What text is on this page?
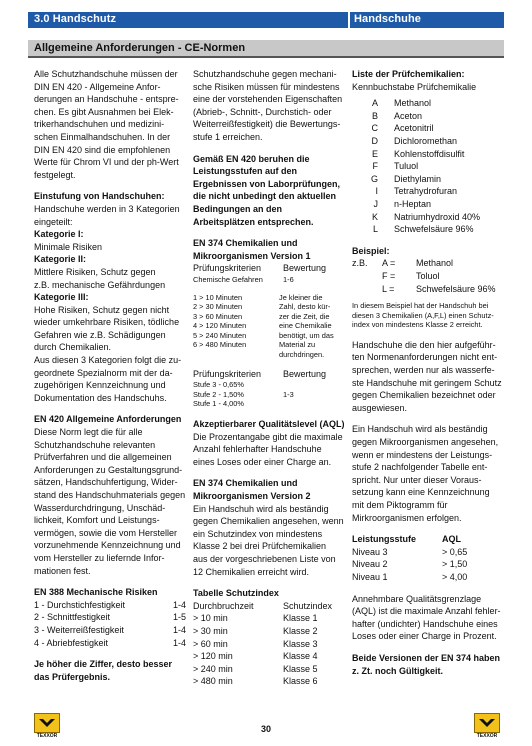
3.0 Handschutz	Handschuhe
Allgemeine Anforderungen - CE-Normen
Alle Schutzhandschuhe müssen der
DIN EN 420 - Allgemeine Anfor-
derungen an Handschuhe - entspre-
chen. Es gibt Ausnahmen bei Elek-
trikerhandschuhen und medizini-
schen Einmalhandschuhen. In der
DIN EN 420 sind die empfohlenen
Werte für Chrom VI und der ph-Wert
festgelegt.
Einstufung von Handschuhen:
Handschuhe werden in 3 Kategorien
eingeteilt:
Kategorie I:
Minimale Risiken
Kategorie II:
Mittlere Risiken, Schutz gegen
z.B. mechanische Gefährdungen
Kategorie III:
Hohe Risiken, Schutz gegen nicht
wieder umkehrbare Risiken, tödliche
Gefahren wie z.B. Schädigungen
durch Chemikalien.
Aus diesen 3 Kategorien folgt die zu-
geordnete Spezialnorm mit der da-
zugehörigen Kennzeichnung und
Dokumentation des Handschuhs.
EN 420 Allgemeine Anforderungen
Diese Norm legt die für alle
Schutzhandschuhe relevanten
Prüfverfahren und die allgemeinen
Anforderungen zu Gestaltungsgrund-
sätzen, Handschuhfertigung, Wider-
stand des Handschuhmaterials gegen
Wasserdurchdringung, Unschäd-
lichkeit, Komfort und Leistungs-
vermögen, sowie die vom Hersteller
vorzunehmende Kennzeichnung und
vom Hersteller zu liefernde Infor-
mationen fest.
EN 388 Mechanische Risiken
1 - Durchstichfestigkeit	1-4
2 - Schnittfestigkeit	1-5
3 - Weiterreißfestigkeit	1-4
4 - Abriebfestigkeit	1-4
Je höher die Ziffer, desto besser
das Prüfergebnis.
Schutzhandschuhe gegen mechani-
sche Risiken müssen für mindestens
eine der vorstehenden Eigenschaften
(Abrieb-, Schnitt-, Durchstich- oder
Weiterreißfestigkeit) die Bewertungs-
stufe 1 erreichen.
Gemäß EN 420 beruhen die
Leistungsstufen auf den
Ergebnissen von Laborprüfungen,
die nicht unbedingt den aktuellen
Bedingungen an den
Arbeitsplätzen entsprechen.
EN 374 Chemikalien und
Mikroorganismen Version 1
Prüfungskriterien	Bewertung
Chemische Gefahren	1-6
1 > 10 Minuten
2 > 30 Minuten
3 > 60 Minuten
4 > 120 Minuten
5 > 240 Minuten
6 > 480 Minuten
Je kleiner die
Zahl, desto kür-
zer die Zeit, die
eine Chemikalie
benötigt, um das
Material zu
durchdringen.
Prüfungskriterien	Bewertung
Stufe 3 - 0,65%
Stufe 2 - 1,50%
Stufe 1 - 4,00%
1-3
Akzeptierbarer Qualitätslevel (AQL)
Die Prozentangabe gibt die maximale
Anzahl fehlerhafter Handschuhe
eines Loses oder einer Charge an.
EN 374 Chemikalien und
Mikroorganismen Version 2
Ein Handschuh wird als beständig
gegen Chemikalien angesehen, wenn
ein Schutzindex von mindestens
Klasse 2 bei drei Prüfchemikalien
aus der vorgeschriebenen Liste von
12 Chemikalien erreicht wird.
Tabelle Schutzindex
Durchbruchzeit	Schutzindex
> 10 min	Klasse 1
> 30 min	Klasse 2
> 60 min	Klasse 3
> 120 min	Klasse 4
> 240 min	Klasse 5
> 480 min	Klasse 6
Liste der Prüfchemikalien:
Kennbuchstabe Prüfchemikalie
A	Methanol
B	Aceton
C	Acetonitril
D	Dichloromethan
E	Kohlenstoffdisulfit
F	Tuluol
G	Diethylamin
I	Tetrahydrofuran
J	n-Heptan
K	Natriumhydroxid 40%
L	Schwefelsäure 96%
Beispiel:
z.B.	A =	Methanol
F =	Toluol
L =	Schwefelsäure 96%
In diesem Beispiel hat der Handschuh bei
diesen 3 Chemikalien (A,F,L) einen Schutz-
index von mindestens Klasse 2 erreicht.
Handschuhe die den hier aufgeführ-
ten Normenanforderungen nicht ent-
sprechen, werden nur als wasserfe-
ste Handschuhe mit geringem Schutz
gegen Chemikalien bezeichnet oder
ausgewiesen.
Ein Handschuh wird als beständig
gegen Mikroorganismen angesehen,
wenn er mindestens der Leistungs-
stufe 2 nachfolgender Tabelle ent-
spricht. Nur unter dieser Voraus-
setzung kann eine Kennzeichnung
mit dem Piktogramm für
Mirkroorganismen erfolgen.
Leistungsstufe	AQL
Niveau 3	> 0,65
Niveau 2	> 1,50
Niveau 1	> 4,00
Annehmbare Qualitätsgrenzlage
(AQL) ist die maximale Anzahl fehler-
hafter (undichter) Handschuhe eines
Loses oder einer Charge in Prozent.
Beide Versionen der EN 374 haben
z. Zt. noch Gültigkeit.
TEXXOR
30
TEXXOR
